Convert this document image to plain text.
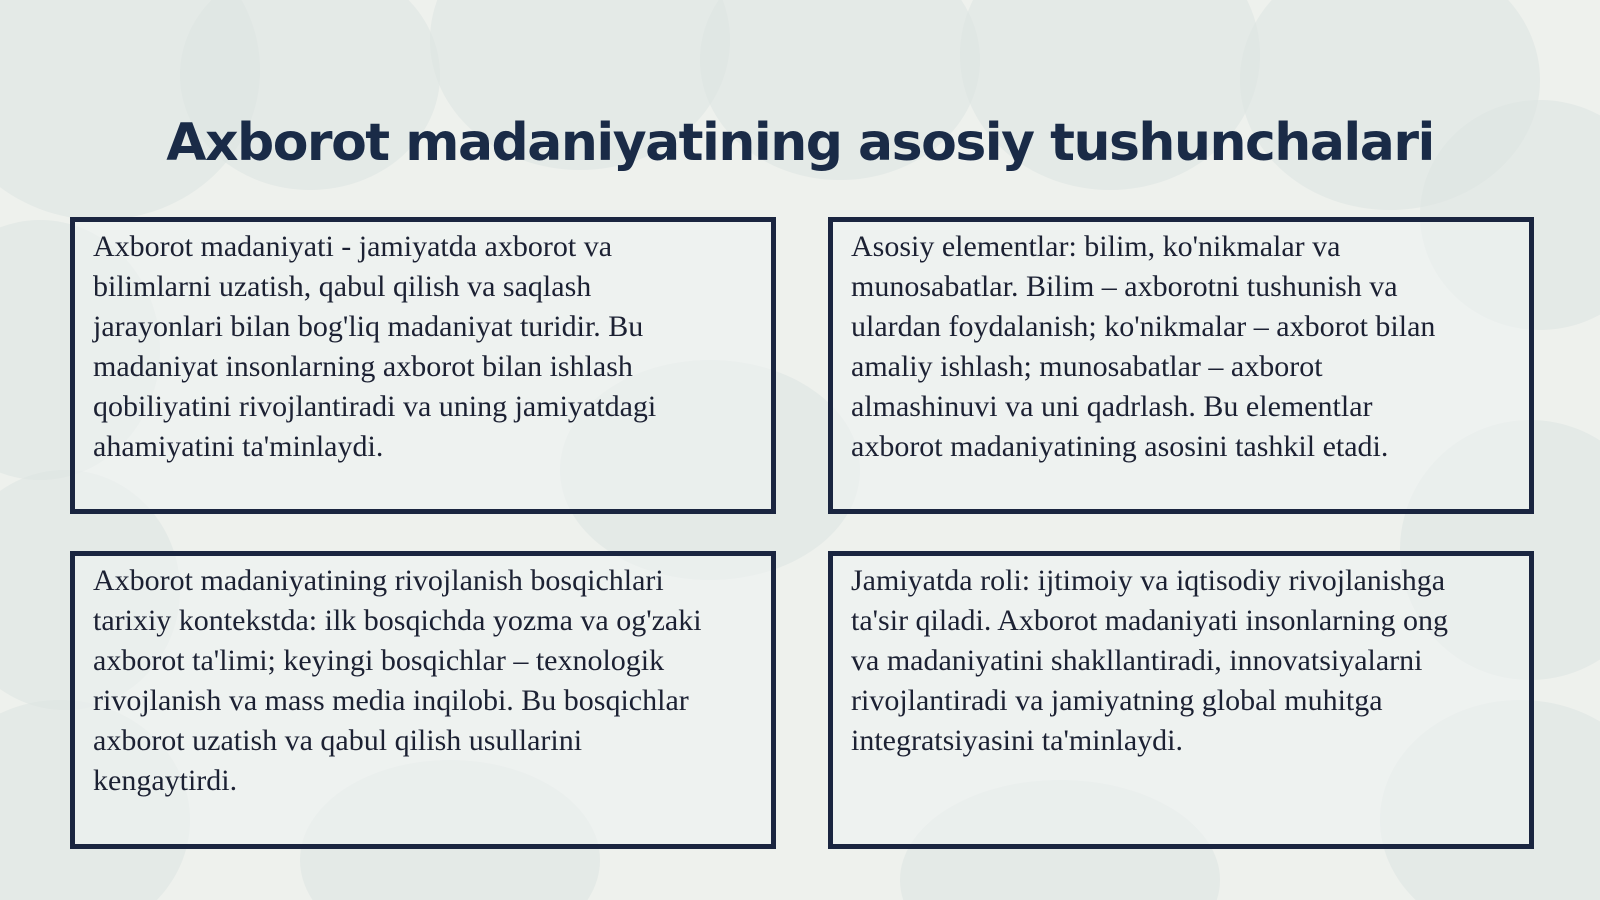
Axborot madaniyatining asosiy tushunchalari

Axborot madaniyati - jamiyatda axborot va
bilimlarni uzatish, qabul qilish va saqlash
jarayonlari bilan bog'liq madaniyat turidir. Bu
madaniyat insonlarning axborot bilan ishlash
qobiliyatini rivojlantiradi va uning jamiyatdagi
ahamiyatini ta'minlaydi.

Asosiy elementlar: bilim, ko'nikmalar va
munosabatlar. Bilim – axborotni tushunish va
ulardan foydalanish; ko'nikmalar – axborot bilan
amaliy ishlash; munosabatlar – axborot
almashinuvi va uni qadrlash. Bu elementlar
axborot madaniyatining asosini tashkil etadi.

Axborot madaniyatining rivojlanish bosqichlari
tarixiy kontekstda: ilk bosqichda yozma va og'zaki
axborot ta'limi; keyingi bosqichlar – texnologik
rivojlanish va mass media inqilobi. Bu bosqichlar
axborot uzatish va qabul qilish usullarini
kengaytirdi.

Jamiyatda roli: ijtimoiy va iqtisodiy rivojlanishga
ta'sir qiladi. Axborot madaniyati insonlarning ong
va madaniyatini shakllantiradi, innovatsiyalarni
rivojlantiradi va jamiyatning global muhitga
integratsiyasini ta'minlaydi.
